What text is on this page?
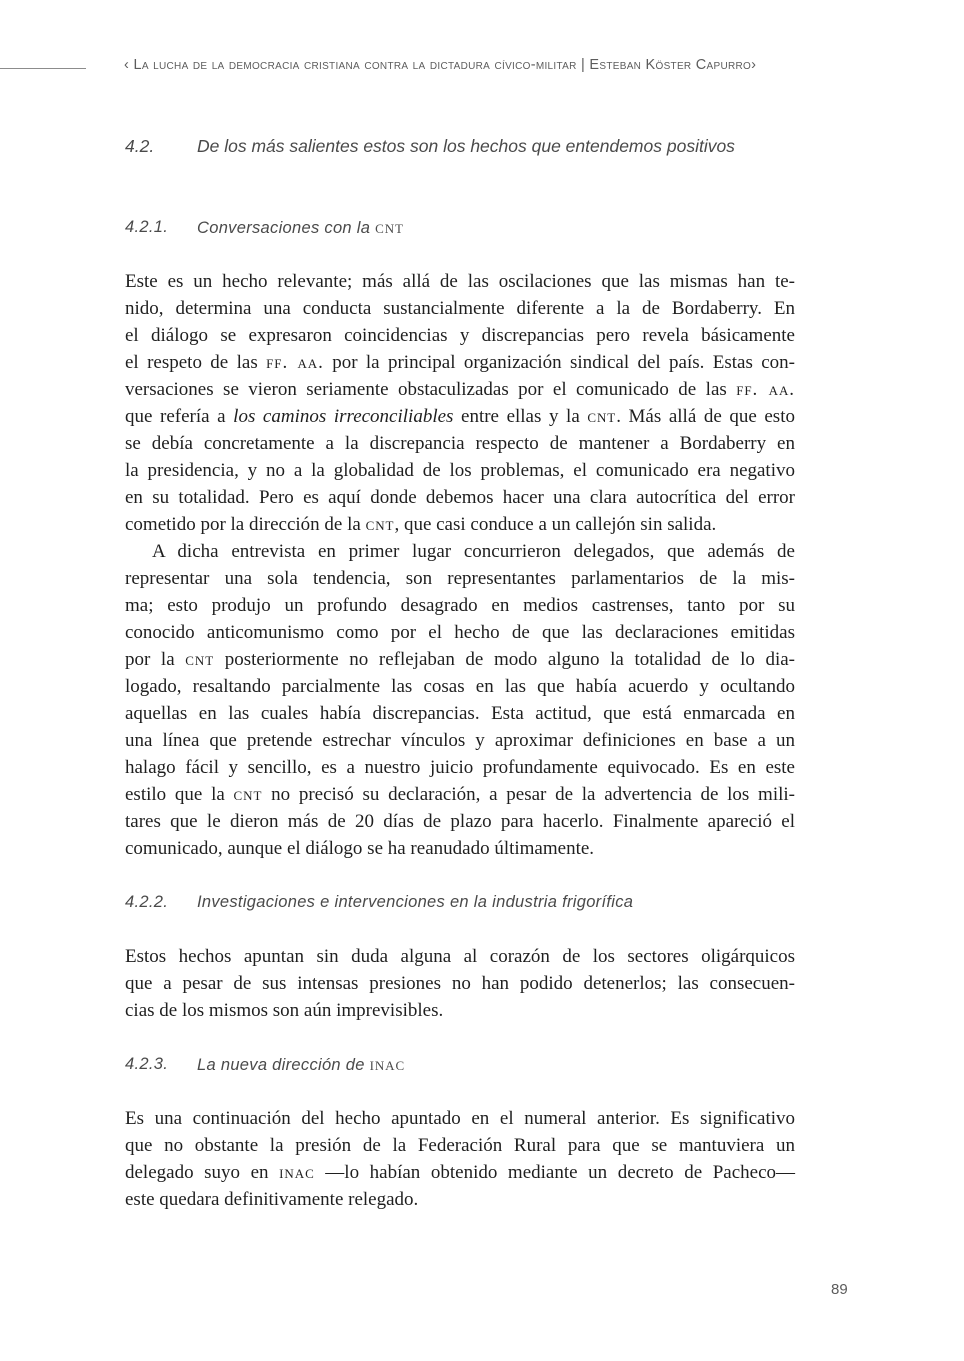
‹ La lucha de la democracia cristiana contra la dictadura cívico-militar | Esteban Köster Capurro›
4.2.	De los más salientes estos son los hechos que entendemos positivos
4.2.1.	Conversaciones con la cnt
Este es un hecho relevante; más allá de las oscilaciones que las mismas han te-
nido, determina una conducta sustancialmente diferente a la de Bordaberry. En
el diálogo se expresaron coincidencias y discrepancias pero revela básicamente
el respeto de las ff. aa. por la principal organización sindical del país. Estas con-
versaciones se vieron seriamente obstaculizadas por el comunicado de las ff. aa.
que refería a los caminos irreconciliables entre ellas y la cnt. Más allá de que esto
se debía concretamente a la discrepancia respecto de mantener a Bordaberry en
la presidencia, y no a la globalidad de los problemas, el comunicado era negativo
en su totalidad. Pero es aquí donde debemos hacer una clara autocrítica del error
cometido por la dirección de la cnt, que casi conduce a un callejón sin salida.
A dicha entrevista en primer lugar concurrieron delegados, que además de
representar una sola tendencia, son representantes parlamentarios de la mis-
ma; esto produjo un profundo desagrado en medios castrenses, tanto por su
conocido anticomunismo como por el hecho de que las declaraciones emitidas
por la cnt posteriormente no reflejaban de modo alguno la totalidad de lo dia-
logado, resaltando parcialmente las cosas en las que había acuerdo y ocultando
aquellas en las cuales había discrepancias. Esta actitud, que está enmarcada en
una línea que pretende estrechar vínculos y aproximar definiciones en base a un
halago fácil y sencillo, es a nuestro juicio profundamente equivocado. Es en este
estilo que la cnt no precisó su declaración, a pesar de la advertencia de los mili-
tares que le dieron más de 20 días de plazo para hacerlo. Finalmente apareció el
comunicado, aunque el diálogo se ha reanudado últimamente.
4.2.2.	Investigaciones e intervenciones en la industria frigorífica
Estos hechos apuntan sin duda alguna al corazón de los sectores oligárquicos
que a pesar de sus intensas presiones no han podido detenerlos; las consecuen-
cias de los mismos son aún imprevisibles.
4.2.3.	La nueva dirección de inac
Es una continuación del hecho apuntado en el numeral anterior. Es significativo
que no obstante la presión de la Federación Rural para que se mantuviera un
delegado suyo en inac —lo habían obtenido mediante un decreto de Pacheco—
este quedara definitivamente relegado.
89
